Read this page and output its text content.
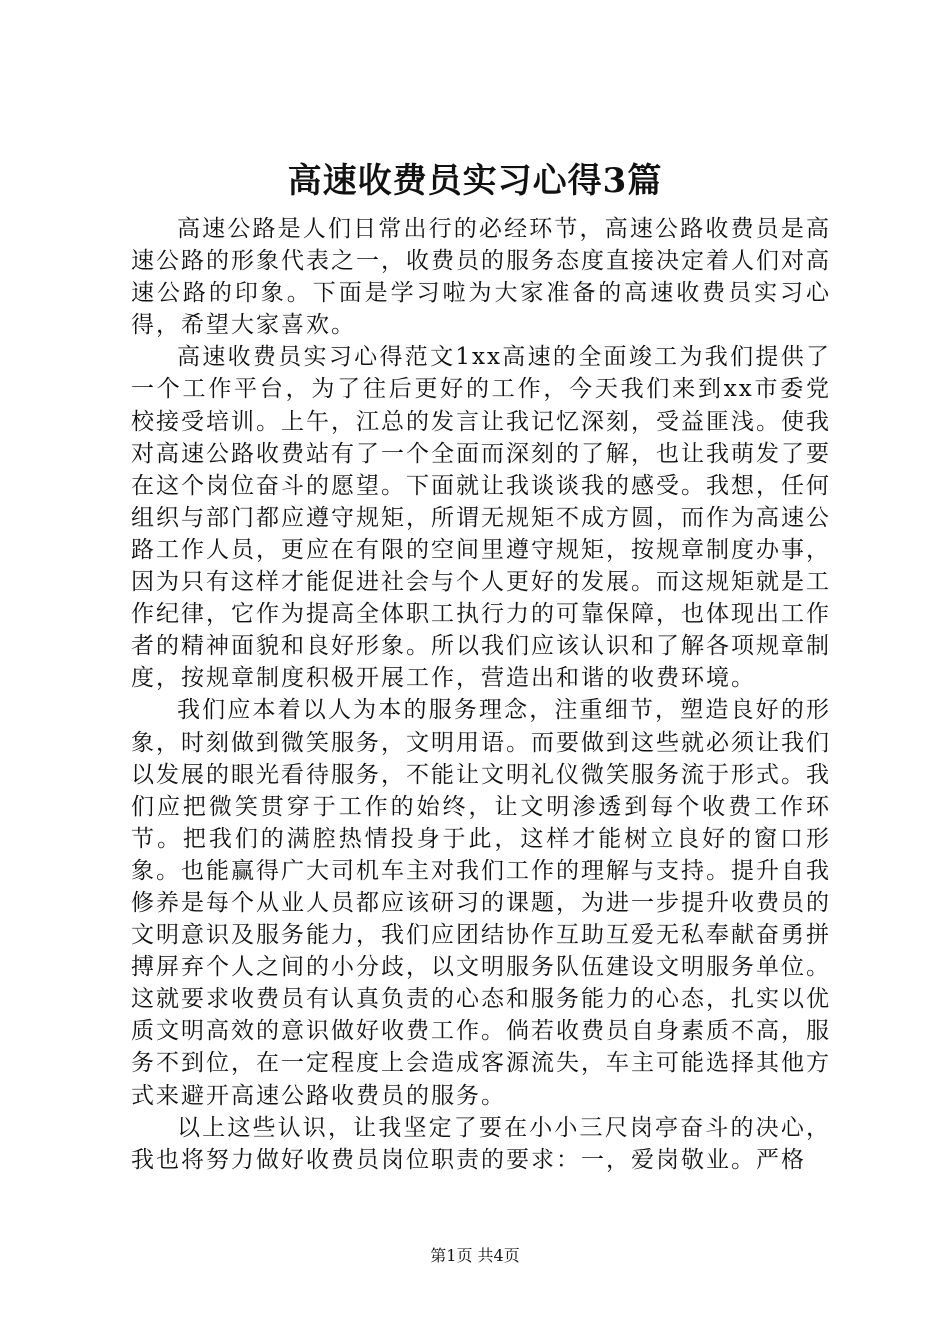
高速收费员实习心得3篇

高速公路是人们日常出行的必经环节，高速公路收费员是高速公路的形象代表之一，收费员的服务态度直接决定着人们对高速公路的印象。下面是学习啦为大家准备的高速收费员实习心得，希望大家喜欢。

高速收费员实习心得范文1xx高速的全面竣工为我们提供了一个工作平台，为了往后更好的工作，今天我们来到xx市委党校接受培训。上午，江总的发言让我记忆深刻，受益匪浅。使我对高速公路收费站有了一个全面而深刻的了解，也让我萌发了要在这个岗位奋斗的愿望。下面就让我谈谈我的感受。我想，任何组织与部门都应遵守规矩，所谓无规矩不成方圆，而作为高速公路工作人员，更应在有限的空间里遵守规矩，按规章制度办事，因为只有这样才能促进社会与个人更好的发展。而这规矩就是工作纪律，它作为提高全体职工执行力的可靠保障，也体现出工作者的精神面貌和良好形象。所以我们应该认识和了解各项规章制度，按规章制度积极开展工作，营造出和谐的收费环境。

我们应本着以人为本的服务理念，注重细节，塑造良好的形象，时刻做到微笑服务，文明用语。而要做到这些就必须让我们以发展的眼光看待服务，不能让文明礼仪微笑服务流于形式。我们应把微笑贯穿于工作的始终，让文明渗透到每个收费工作环节。把我们的满腔热情投身于此，这样才能树立良好的窗口形象。也能赢得广大司机车主对我们工作的理解与支持。提升自我修养是每个从业人员都应该研习的课题，为进一步提升收费员的文明意识及服务能力，我们应团结协作互助互爱无私奉献奋勇拼搏屏弃个人之间的小分歧，以文明服务队伍建设文明服务单位。这就要求收费员有认真负责的心态和服务能力的心态，扎实以优质文明高效的意识做好收费工作。倘若收费员自身素质不高，服务不到位，在一定程度上会造成客源流失，车主可能选择其他方式来避开高速公路收费员的服务。

以上这些认识，让我坚定了要在小小三尺岗亭奋斗的决心，我也将努力做好收费员岗位职责的要求：一，爱岗敬业。严格

第1页 共4页
